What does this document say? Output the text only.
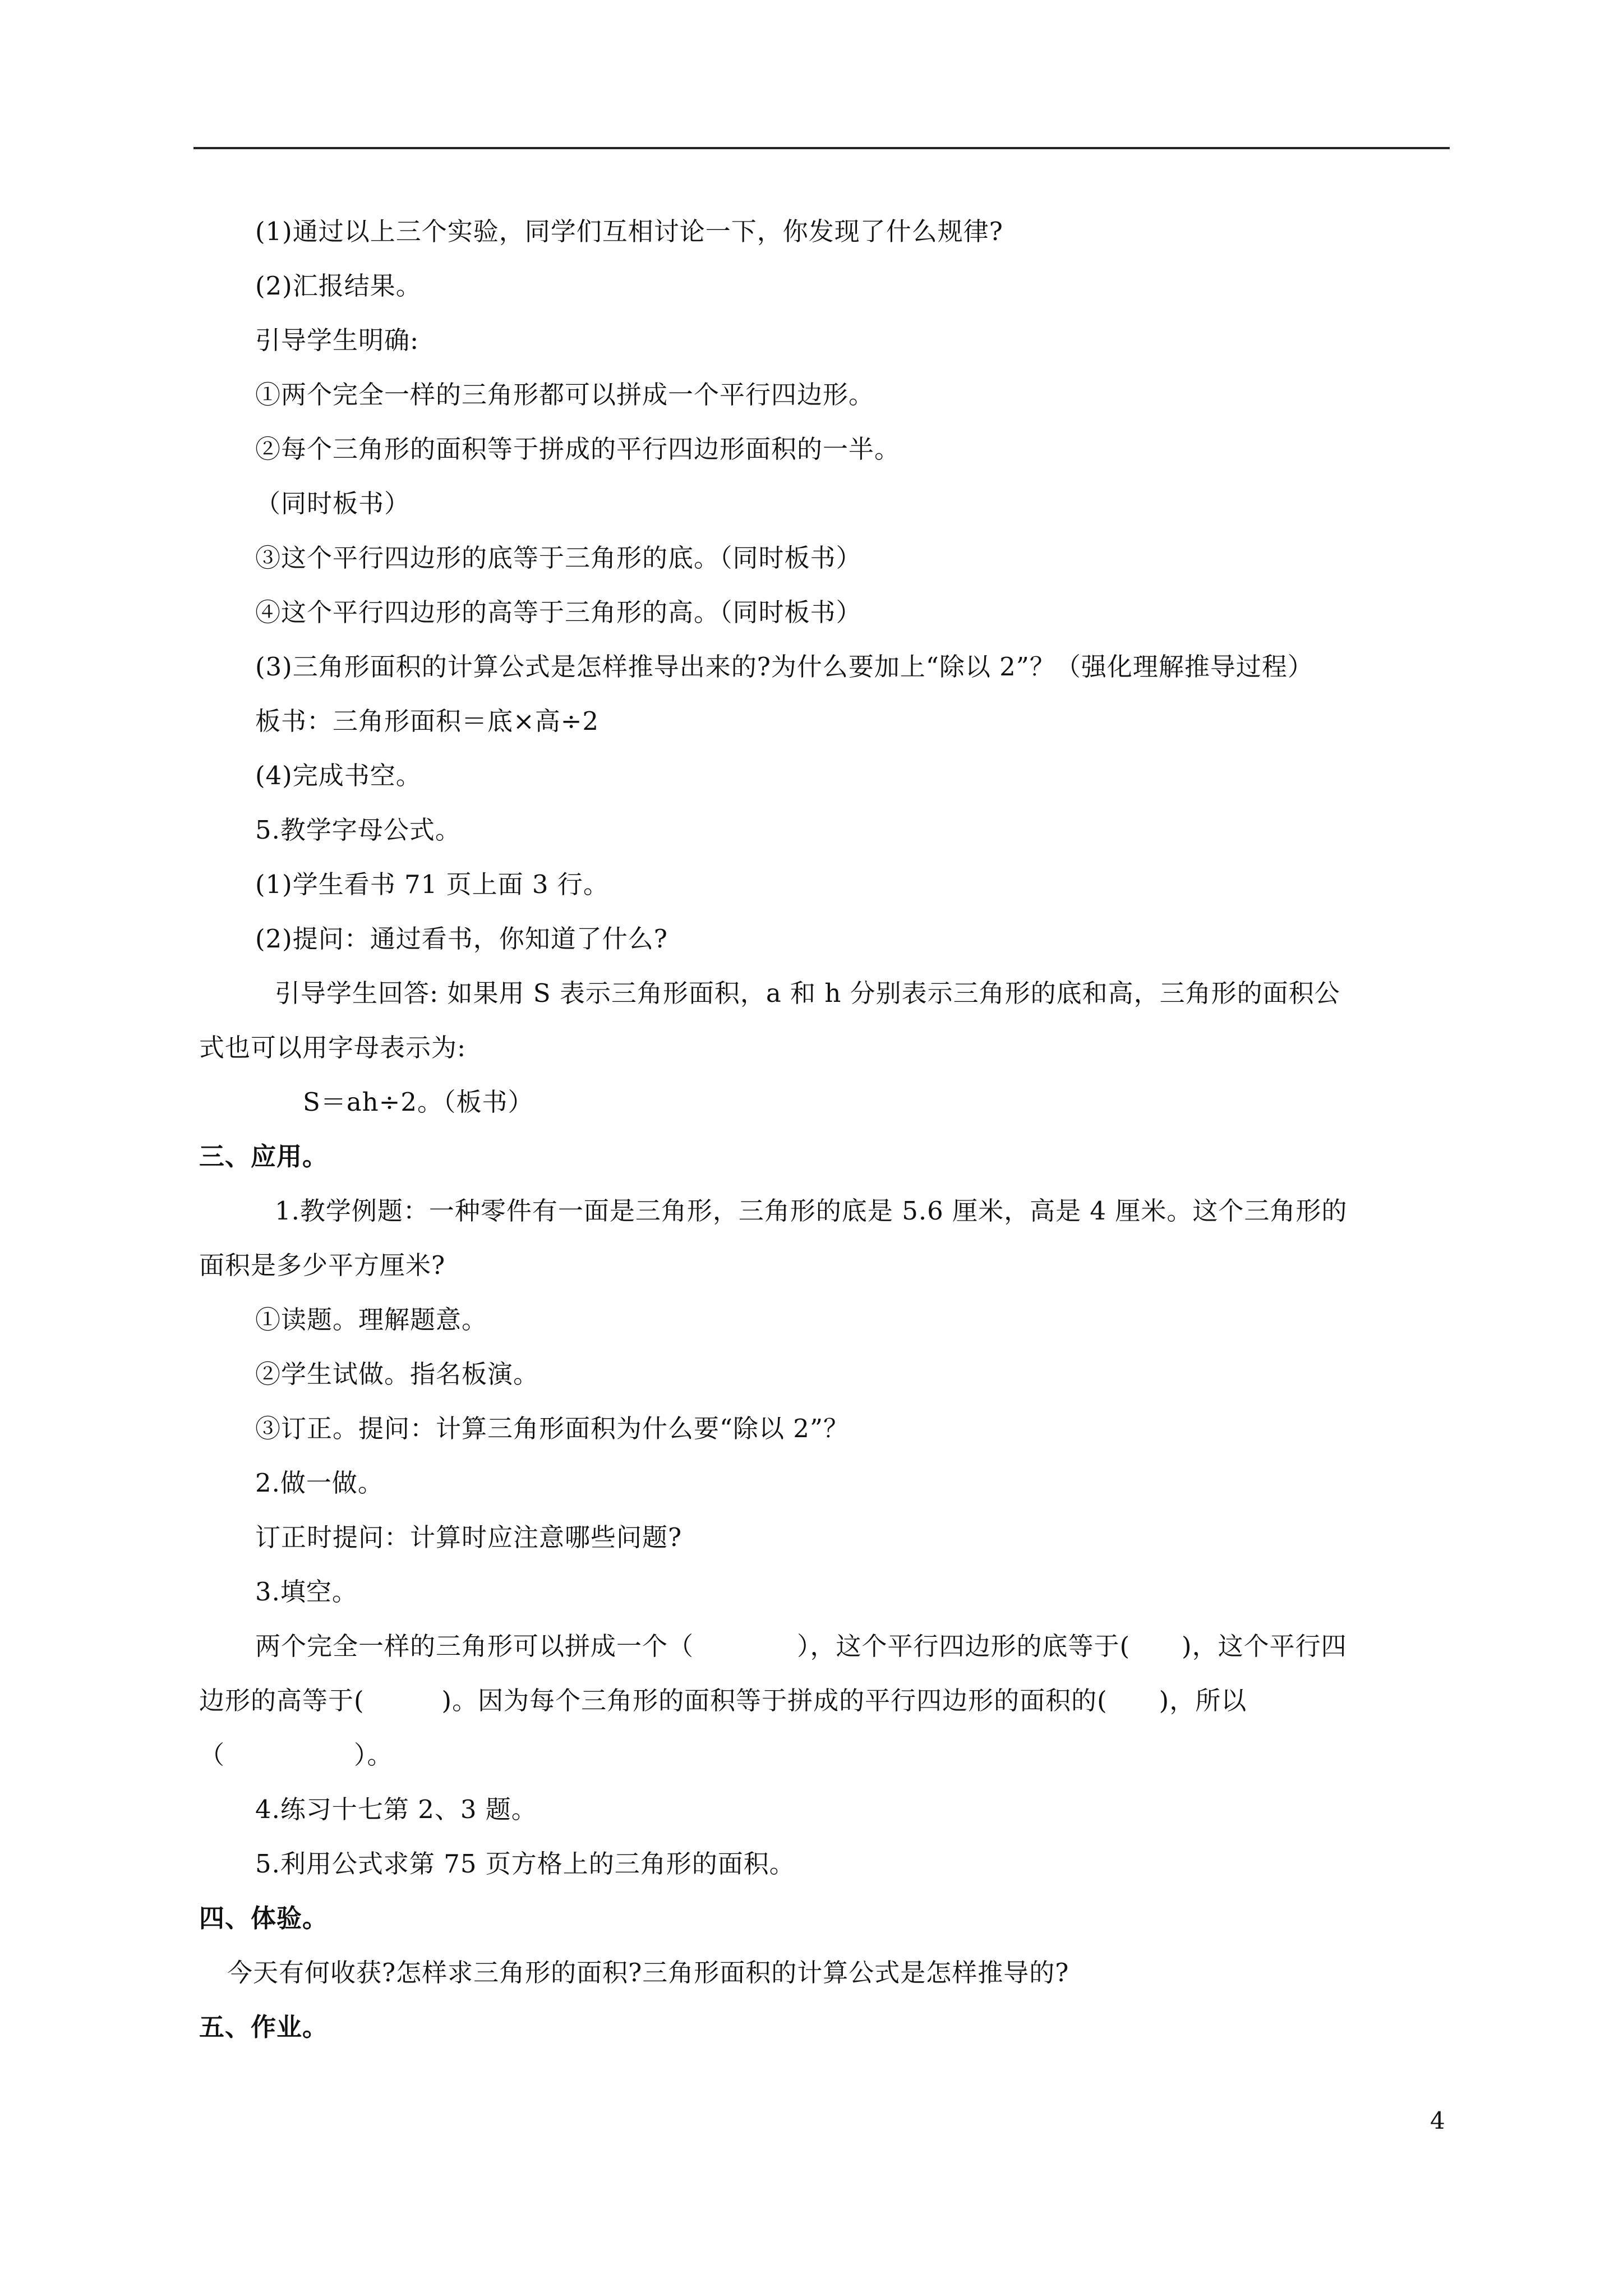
(1)通过以上三个实验，同学们互相讨论一下，你发现了什么规律?
(2)汇报结果。
引导学生明确:
①两个完全一样的三角形都可以拼成一个平行四边形。
②每个三角形的面积等于拼成的平行四边形面积的一半。
（同时板书）
③这个平行四边形的底等于三角形的底。（同时板书）
④这个平行四边形的高等于三角形的高。（同时板书）
(3)三角形面积的计算公式是怎样推导出来的?为什么要加上“除以 2”？（强化理解推导过程）
板书：三角形面积＝底×高÷2
(4)完成书空。
5.教学字母公式。
(1)学生看书 71 页上面 3 行。
(2)提问：通过看书，你知道了什么?
引导学生回答: 如果用 S 表示三角形面积，a 和 h 分别表示三角形的底和高，三角形的面积公
式也可以用字母表示为:
S＝ah÷2。（板书）
三、应用。
1.教学例题：一种零件有一面是三角形，三角形的底是 5.6 厘米，高是 4 厘米。这个三角形的
面积是多少平方厘米?
①读题。理解题意。
②学生试做。指名板演。
③订正。提问：计算三角形面积为什么要“除以 2”？
2.做一做。
订正时提问：计算时应注意哪些问题?
3.填空。
两个完全一样的三角形可以拼成一个（　　　　），这个平行四边形的底等于(　　)，这个平行四
边形的高等于(　　　)。因为每个三角形的面积等于拼成的平行四边形的面积的(　　)，所以
（　　　　　）。
4.练习十七第 2、3 题。
5.利用公式求第 75 页方格上的三角形的面积。
四、体验。
今天有何收获?怎样求三角形的面积?三角形面积的计算公式是怎样推导的?
五、作业。
4
